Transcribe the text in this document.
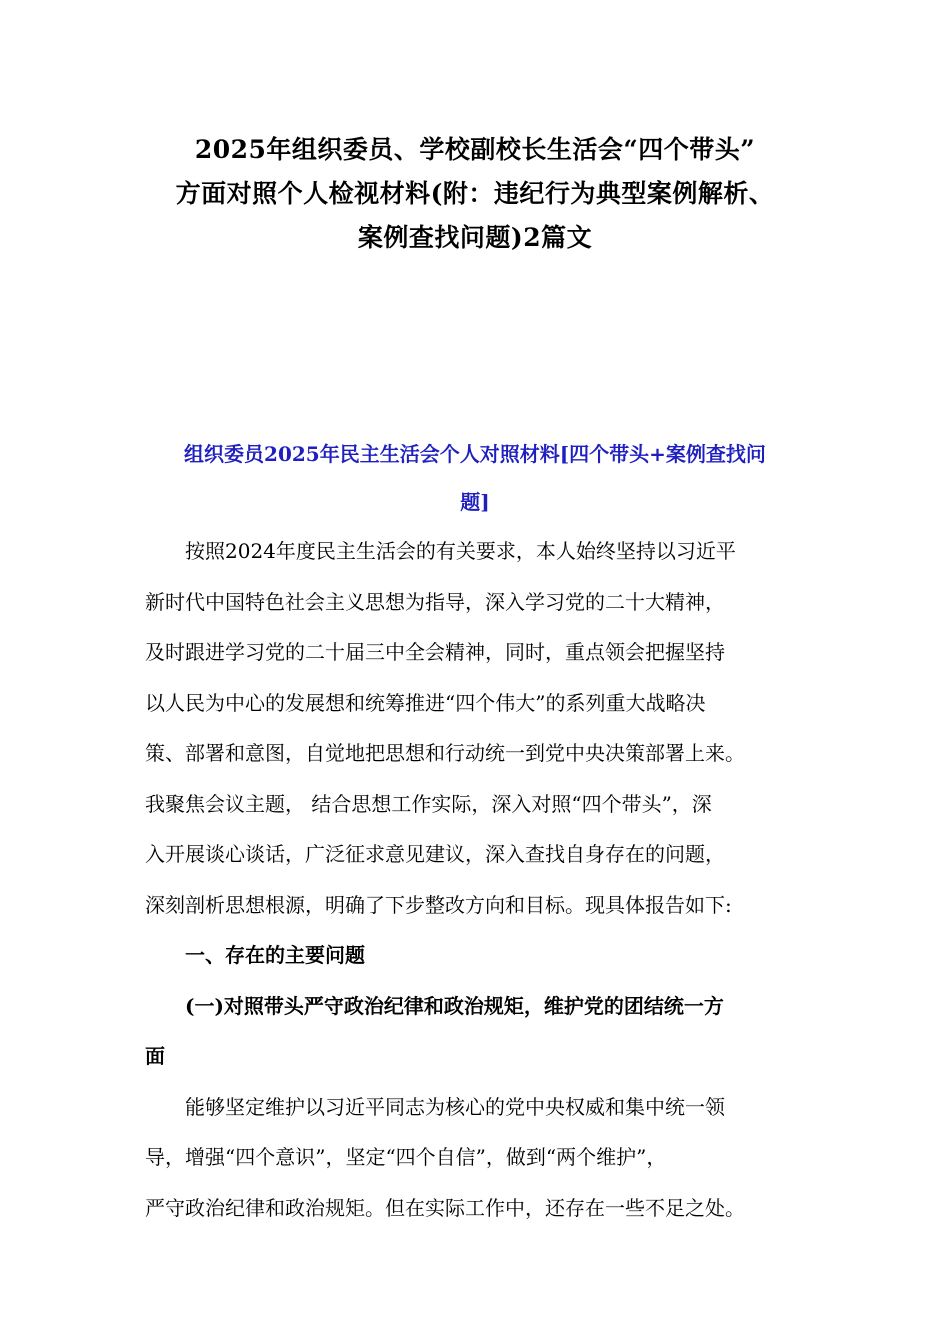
2025年组织委员、学校副校长生活会“四个带头”
方面对照个人检视材料(附：违纪行为典型案例解析、
案例查找问题)2篇文
组织委员2025年民主生活会个人对照材料[四个带头+案例查找问
题]
按照2024年度民主生活会的有关要求，本人始终坚持以习近平
新时代中国特色社会主义思想为指导，深入学习党的二十大精神，
及时跟进学习党的二十届三中全会精神，同时，重点领会把握坚持
以人民为中心的发展想和统筹推进“四个伟大”的系列重大战略决
策、部署和意图，自觉地把思想和行动统一到党中央决策部署上来。
我聚焦会议主题， 结合思想工作实际，深入对照“四个带头”，深
入开展谈心谈话，广泛征求意见建议，深入查找自身存在的问题，
深刻剖析思想根源，明确了下步整改方向和目标。现具体报告如下:
一、存在的主要问题
(一)对照带头严守政治纪律和政治规矩，维护党的团结统一方
面
能够坚定维护以习近平同志为核心的党中央权威和集中统一领
导，增强“四个意识”，坚定“四个自信”，做到“两个维护”，
严守政治纪律和政治规矩。但在实际工作中，还存在一些不足之处。
